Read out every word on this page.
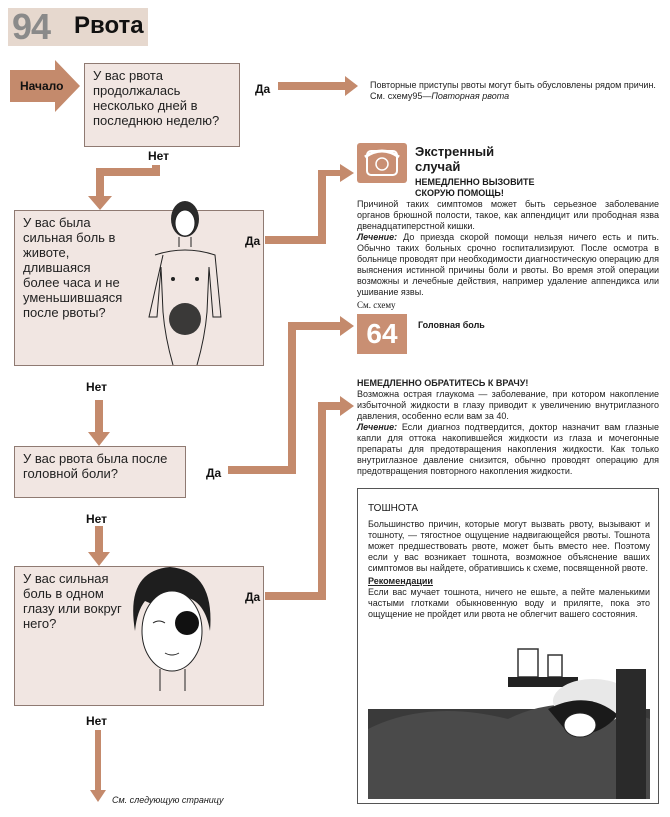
94 Рвота
Начало
У вас рвота продолжалась несколько дней в последнюю неделю?
Да
Нет
Повторные приступы рвоты могут быть обусловлены рядом причин. См. схему95—Повторная рвота
У вас была сильная боль в животе, длившаяся более часа и не уменьшившаяся после рвоты?
Да
Нет
Экстренный случай
НЕМЕДЛЕННО ВЫЗОВИТЕ СКОРУЮ ПОМОЩЬ!

Причиной таких симптомов может быть серьезное заболевание органов брюшной полости, такое, как аппендицит или прободная язва двенадцатиперстной кишки.

Лечение: До приезда скорой помощи нельзя ничего есть и пить. Обычно таких больных срочно госпитализируют. После осмотра в больнице проводят при необходимости диагностическую операцию для выяснения истинной причины боли и рвоты. Во время этой операции возможны и лечебные действия, например удаление аппендикса или ушивание язвы.

См. схему
64	Головная боль
У вас рвота была после головной боли?	Да
Нет

НЕМЕДЛЕННО ОБРАТИТЕСЬ К ВРАЧУ!

Возможна острая глаукома — заболевание, при котором накопление избыточной жидкости в глазу приводит к увеличению внутриглазного давления, особенно если вам за 40.

Лечение: Если диагноз подтвердится, доктор назначит вам глазные капли для оттока накопившейся жидкости из глаза и мочегонные препараты для предотвращения накопления жидкости. Как только внутриглазное давление снизится, обычно проводят операцию для предотвращения повторного накопления жидкости.

У вас сильная боль в одном глазу или вокруг него?
Да
Нет
ТОШНОТА

Большинство причин, которые могут вызвать рвоту, вызывают и тошноту, — тягостное ощущение надвигающейся рвоты. Тошнота может предшествовать рвоте, может быть вместо нее. Поэтому если у вас возникает тошнота, возможное объяснение ваших симптомов вы найдете, обратившись к схеме, посвященной рвоте.

Рекомендации

Если вас мучает тошнота, ничего не ешьте, а пейте маленькими частыми глотками обыкновенную воду и прилягте, пока это ощущение не пройдет или рвота не облегчит вашего состояния.

См. следующую страницу
